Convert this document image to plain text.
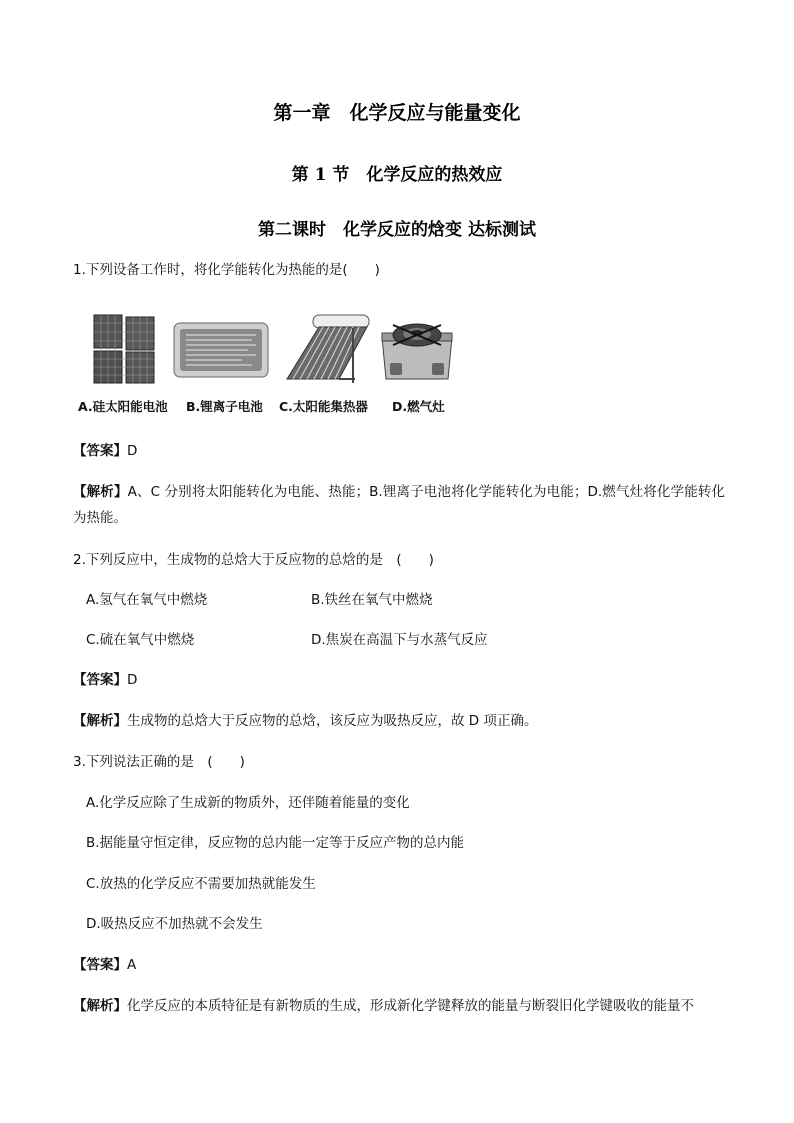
第一章　化学反应与能量变化
第 1 节　化学反应的热效应
第二课时　化学反应的焓变 达标测试
1.下列设备工作时，将化学能转化为热能的是(　　)
A.硅太阳能电池 B.锂离子电池 C.太阳能集热器 D.燃气灶
【答案】D
【解析】A、C 分别将太阳能转化为电能、热能；B.锂离子电池将化学能转化为电能；D.燃气灶将化学能转化为热能。
2.下列反应中，生成物的总焓大于反应物的总焓的是　(　　)
A.氢气在氧气中燃烧	B.铁丝在氧气中燃烧
C.硫在氧气中燃烧	D.焦炭在高温下与水蒸气反应
【答案】D
【解析】生成物的总焓大于反应物的总焓，该反应为吸热反应，故 D 项正确。
3.下列说法正确的是　(　　)
A.化学反应除了生成新的物质外，还伴随着能量的变化
B.据能量守恒定律，反应物的总内能一定等于反应产物的总内能
C.放热的化学反应不需要加热就能发生
D.吸热反应不加热就不会发生
【答案】A
【解析】化学反应的本质特征是有新物质的生成，形成新化学键释放的能量与断裂旧化学键吸收的能量不
